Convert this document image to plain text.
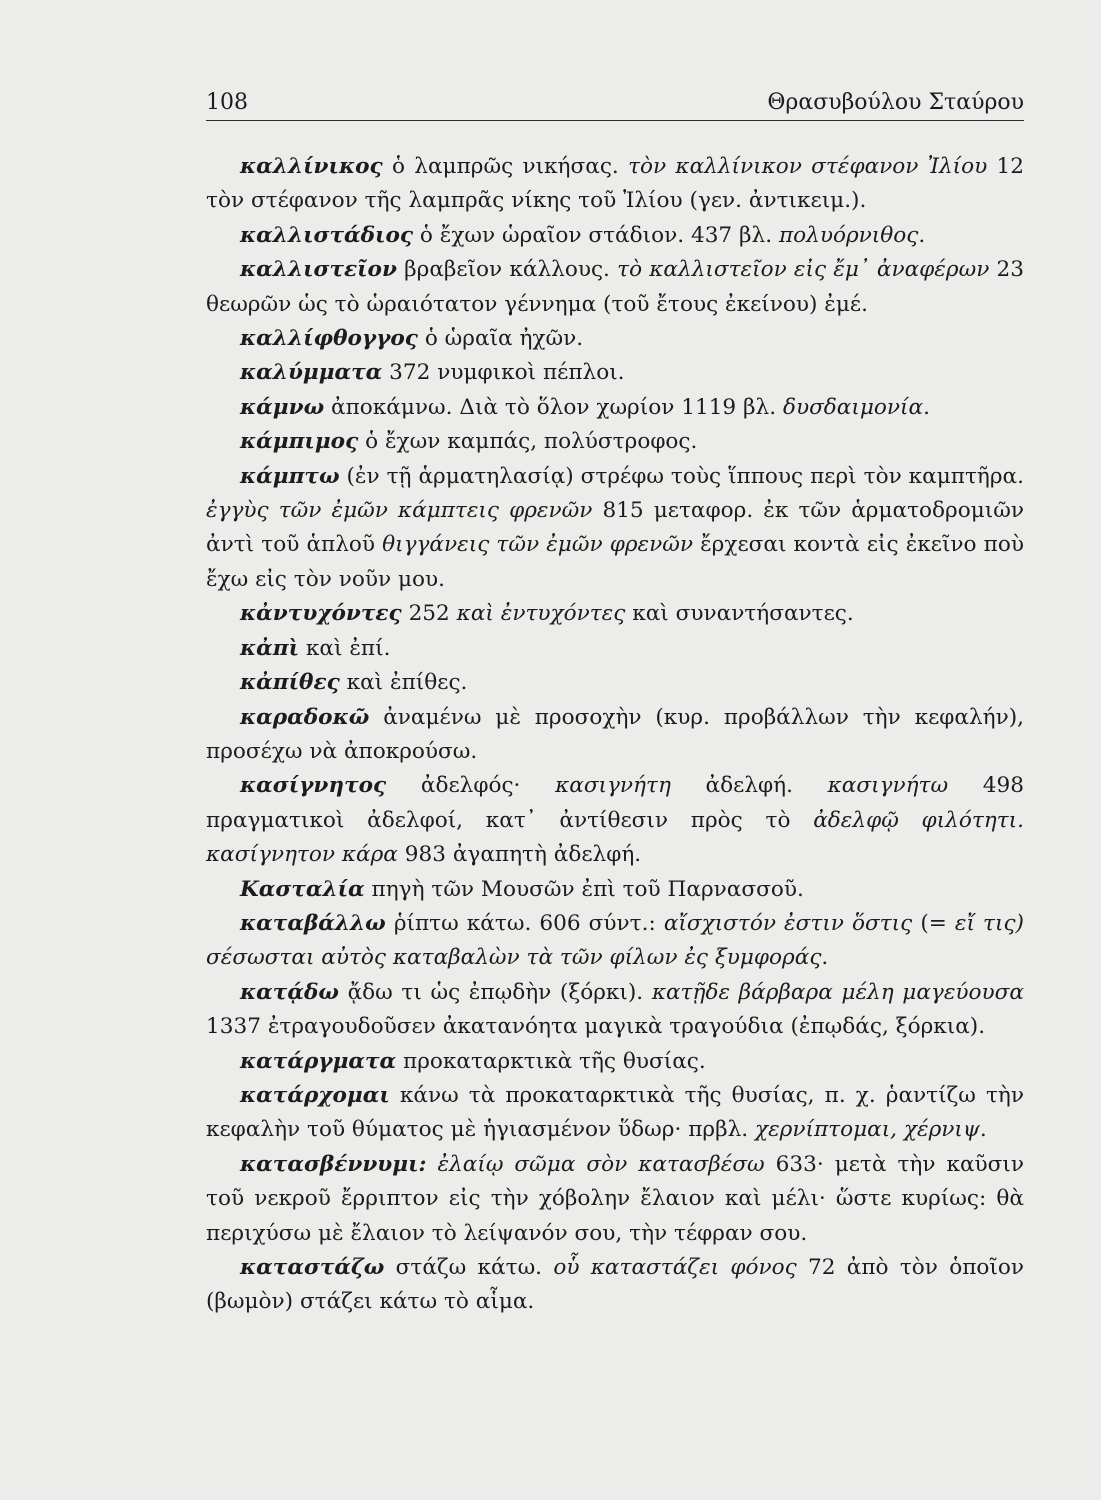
108	Θρασυβούλου Σταύρου

καλλίνικος ὁ λαμπρῶς νικήσας. τὸν καλλίνικον στέφανον Ἰλίου 12 τὸν στέφανον τῆς λαμπρᾶς νίκης τοῦ Ἰλίου (γεν. ἀντικειμ.).

καλλιστάδιος ὁ ἔχων ὡραῖον στάδιον. 437 βλ. πολυόρνιθος.

καλλιστεῖον βραβεῖον κάλλους. τὸ καλλιστεῖον εἰς ἔμ᾿ ἀναφέρων 23 θεωρῶν ὡς τὸ ὡραιότατον γέννημα (τοῦ ἔτους ἐκείνου) ἐμέ.

καλλίφθογγος ὁ ὡραῖα ἠχῶν.

καλύμματα 372 νυμφικοὶ πέπλοι.

κάμνω ἀποκάμνω. Διὰ τὸ ὅλον χωρίον 1119 βλ. δυσδαιμονία.

κάμπιμος ὁ ἔχων καμπάς, πολύστροφος.

κάμπτω (ἐν τῇ ἁρματηλασίᾳ) στρέφω τοὺς ἵππους περὶ τὸν καμπτῆρα. ἐγγὺς τῶν ἐμῶν κάμπτεις φρενῶν 815 μεταφορ. ἐκ τῶν ἁρματοδρομιῶν ἀντὶ τοῦ ἁπλοῦ θιγγάνεις τῶν ἐμῶν φρενῶν ἔρχεσαι κοντὰ εἰς ἐκεῖνο ποὺ ἔχω εἰς τὸν νοῦν μου.

κἀντυχόντες 252 καὶ ἐντυχόντες καὶ συναντήσαντες.

κἀπὶ καὶ ἐπί.

κἀπίθες καὶ ἐπίθες.

καραδοκῶ ἀναμένω μὲ προσοχὴν (κυρ. προβάλλων τὴν κεφαλήν), προσέχω νὰ ἀποκρούσω.

κασίγνητος ἀδελφός· κασιγνήτη ἀδελφή. κασιγνήτω 498 πραγματικοὶ ἀδελφοί, κατ᾿ ἀντίθεσιν πρὸς τὸ ἀδελφῷ φιλότητι. κασίγνητον κάρα 983 ἀγαπητὴ ἀδελφή.

Κασταλία πηγὴ τῶν Μουσῶν ἐπὶ τοῦ Παρνασσοῦ.

καταβάλλω ῥίπτω κάτω. 606 σύντ.: αἴσχιστόν ἐστιν ὅστις (= εἴ τις) σέσωσται αὐτὸς καταβαλὼν τὰ τῶν φίλων ἐς ξυμφοράς.

κατᾴδω ᾄδω τι ὡς ἐπῳδὴν (ξόρκι). κατῇδε βάρβαρα μέλη μαγεύουσα 1337 ἐτραγουδοῦσεν ἀκατανόητα μαγικὰ τραγούδια (ἐπῳδάς, ξόρκια).

κατάργματα προκαταρκτικὰ τῆς θυσίας.

κατάρχομαι κάνω τὰ προκαταρκτικὰ τῆς θυσίας, π. χ. ῥαντίζω τὴν κεφαλὴν τοῦ θύματος μὲ ἡγιασμένον ὕδωρ· πρβλ. χερνίπτομαι, χέρνιψ.

κατασβέννυμι: ἐλαίῳ σῶμα σὸν κατασβέσω 633· μετὰ τὴν καῦσιν τοῦ νεκροῦ ἔρριπτον εἰς τὴν χόβολην ἔλαιον καὶ μέλι· ὥστε κυρίως: θὰ περιχύσω μὲ ἔλαιον τὸ λείψανόν σου, τὴν τέφραν σου.

καταστάζω στάζω κάτω. οὗ καταστάζει φόνος 72 ἀπὸ τὸν ὁποῖον (βωμὸν) στάζει κάτω τὸ αἷμα.
